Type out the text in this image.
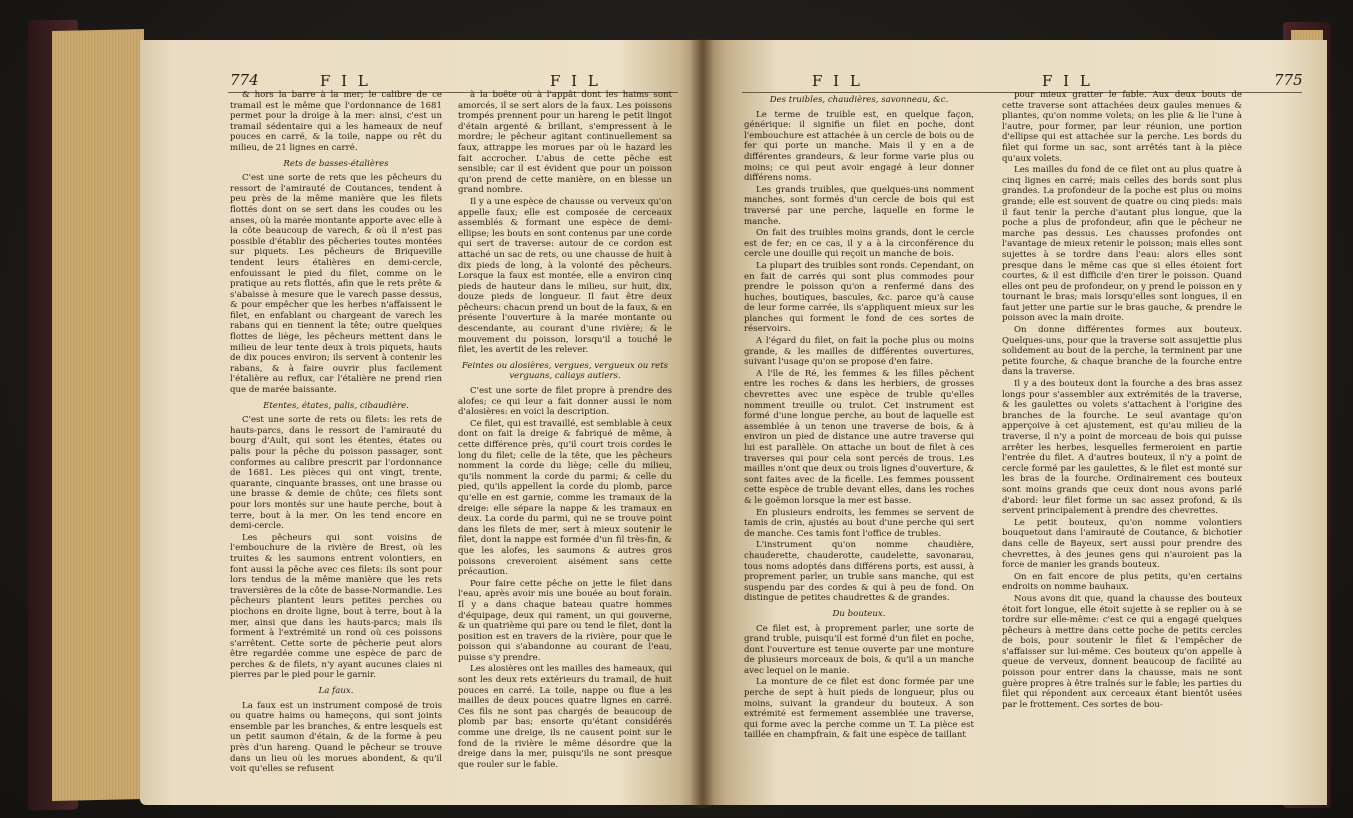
774	F I L	F I L

& hors la barre à la mer; le calibre de ce tramail est le même que l'ordonnance de 1681 permet pour la droige à la mer: ainsi, c'est un tramail sédentaire qui a les hameaux de neuf pouces en carré, & la toile, nappe ou rêt du milieu, de 21 lignes en carré.

Rets de basses-étalières

C'est une sorte de rets que les pêcheurs du ressort de l'amirauté de Coutances, tendent à peu près de la même manière que les filets flottés dont on se sert dans les coudes ou les anses, où la marée montante apporte avec elle à la côte beaucoup de varech, & où il n'est pas possible d'établir des pêcheries toutes montées sur piquets. Les pêcheurs de Briqueville tendent leurs étalières en demi-cercle, enfouissant le pied du filet, comme on le pratique au rets flottés, afin que le rets prête & s'abaisse à mesure que le varech passe dessus, & pour empêcher que les herbes n'affaissent le filet, en enfablant ou chargeant de varech les rabans qui en tiennent la tête; outre quelques flottes de liège, les pêcheurs mettent dans le milieu de leur tente deux à trois piquets, hauts de dix pouces environ; ils servent à contenir les rabans, & à faire ouvrir plus facilement l'étalière au reflux, car l'étalière ne prend rien que de marée baissante.

Etentes, étates, palis, cibaudière.

C'est une sorte de rets ou filets: les rets de hauts-parcs, dans le ressort de l'amirauté du bourg d'Ault, qui sont les étentes, étates ou palis pour la pêche du poisson passager, sont conformes au calibre prescrit par l'ordonnance de 1681. Les pièces qui ont vingt, trente, quarante, cinquante brasses, ont une brasse ou une brasse & demie de chûte; ces filets sont pour lors montés sur une haute perche, bout à terre, bout à la mer. On les tend encore en demi-cercle.

Les pêcheurs qui sont voisins de l'embouchure de la rivière de Brest, où les truites & les saumons entrent volontiers, en font aussi la pêche avec ces filets: ils sont pour lors tendus de la même manière que les rets traversières de la côte de basse-Normandie. Les pêcheurs plantent leurs petites perches ou piochons en droite ligne, bout à terre, bout à la mer, ainsi que dans les hauts-parcs; mais ils forment à l'extrémité un rond où ces poissons s'arrêtent. Cette sorte de pêcherie peut alors être regardée comme une espèce de parc de perches & de filets, n'y ayant aucunes claies ni pierres par le pied pour le garnir.

La faux.

La faux est un instrument composé de trois ou quatre haims ou hameçons, qui sont joints ensemble par les branches, & entre lesquels est un petit saumon d'étain, & de la forme à peu près d'un hareng. Quand le pêcheur se trouve dans un lieu où les morues abondent, & qu'il voit qu'elles se refusent

à la boëte où à l'appât dont les haims sont amorcés, il se sert alors de la faux. Les poissons trompés prennent pour un hareng le petit lingot d'étain argenté & brillant, s'empressent à le mordre; le pêcheur agitant continuellement sa faux, attrappe les morues par où le hazard les fait accrocher. L'abus de cette pêche est sensible; car il est évident que pour un poisson qu'on prend de cette manière, on en blesse un grand nombre.

Il y a une espèce de chausse ou verveux qu'on appelle faux; elle est composée de cerceaux assemblés & formant une espèce de demi-ellipse; les bouts en sont contenus par une corde qui sert de traverse: autour de ce cordon est attaché un sac de rets, ou une chausse de huit à dix pieds de long, à la volonté des pêcheurs. Lorsque la faux est montée, elle a environ cinq pieds de hauteur dans le milieu, sur huit, dix, douze pieds de longueur. Il faut être deux pêcheurs: chacun prend un bout de la faux, & en présente l'ouverture à la marée montante ou descendante, au courant d'une rivière; & le mouvement du poisson, lorsqu'il a touché le filet, les avertit de les relever.

Feintes ou alosières, vergues, vergueux ou rets verguans, caliays autiers.

C'est une sorte de filet propre à prendre des alofes; ce qui leur a fait donner aussi le nom d'alosières: en voici la description.

Ce filet, qui est travaillé, est semblable à ceux dont on fait la dreige & fabriqué de même, à cette différence près, qu'il court trois cordes le long du filet; celle de la tête, que les pêcheurs nomment la corde du liège; celle du milieu, qu'ils nomment la corde du parmi; & celle du pied, qu'ils appellent la corde du plomb, parce qu'elle en est garnie, comme les tramaux de la dreige: elle sépare la nappe & les tramaux en deux. La corde du parmi, qui ne se trouve point dans les filets de mer, sert à mieux soutenir le filet, dont la nappe est formée d'un fil très-fin, & que les alofes, les saumons & autres gros poissons creveroient aisément sans cette précaution.

Pour faire cette pêche on jette le filet dans l'eau, après avoir mis une bouée au bout forain. Il y a dans chaque bateau quatre hommes d'équipage, deux qui rament, un qui gouverne, & un quatrième qui pare ou tend le filet, dont la position est en travers de la rivière, pour que le poisson qui s'abandonne au courant de l'eau, puisse s'y prendre.

Les alosières ont les mailles des hameaux, qui sont les deux rets extérieurs du tramail, de huit pouces en carré. La toile, nappe ou flue a les mailles de deux pouces quatre lignes en carré. Ces fils ne sont pas chargés de beaucoup de plomb par bas; ensorte qu'étant considérés comme une dreige, ils ne causent point sur le fond de la rivière le même désordre que la dreige dans la mer, puisqu'ils ne sont presque que rouler sur le fable.

F I L	F I L	775

Des truibles, chaudières, savonneau, &c.

Le terme de truible est, en quelque façon, générique: il signifie un filet en poche, dont l'embouchure est attachée à un cercle de bois ou de fer qui porte un manche. Mais il y en a de différentes grandeurs, & leur forme varie plus ou moins; ce qui peut avoir engagé à leur donner différens noms.

Les grands truibles, que quelques-uns nomment manches, sont formés d'un cercle de bois qui est traversé par une perche, laquelle en forme le manche.

On fait des truibles moins grands, dont le cercle est de fer; en ce cas, il y a à la circonférence du cercle une douille qui reçoit un manche de bois.

La plupart des truibles sont ronds. Cependant, on en fait de carrés qui sont plus commodes pour prendre le poisson qu'on a renfermé dans des huches, boutiques, bascules, &c. parce qu'à cause de leur forme carrée, ils s'appliquent mieux sur les planches qui forment le fond de ces sortes de réservoirs.

A l'égard du filet, on fait la poche plus ou moins grande, & les mailles de différentes ouvertures, suivant l'usage qu'on se propose d'en faire.

A l'île de Ré, les femmes & les filles pêchent entre les roches & dans les herbiers, de grosses chevrettes avec une espèce de truble qu'elles nomment treuille ou trulot. Cet instrument est formé d'une longue perche, au bout de laquelle est assemblée à un tenon une traverse de bois, & à environ un pied de distance une autre traverse qui lui est parallèle. On attache un bout de filet à ces traverses qui pour cela sont percés de trous. Les mailles n'ont que deux ou trois lignes d'ouverture, & sont faites avec de la ficelle. Les femmes poussent cette espèce de truble devant elles, dans les roches & le goëmon lorsque la mer est basse.

En plusieurs endroits, les femmes se servent de tamis de crin, ajustés au bout d'une perche qui sert de manche. Ces tamis font l'office de trubles.

L'instrument qu'on nomme chaudière, chauderette, chauderotte, caudelette, savonarau, tous noms adoptés dans différens ports, est aussi, à proprement parler, un truble sans manche, qui est suspendu par des cordes & qui à peu de fond. On distingue de petites chaudrettes & de grandes.

Du bouteux.

Ce filet est, à proprement parler, une sorte de grand truble, puisqu'il est formé d'un filet en poche, dont l'ouverture est tenue ouverte par une monture de plusieurs morceaux de bois, & qu'il a un manche avec lequel on le manie.

La monture de ce filet est donc formée par une perche de sept à huit pieds de longueur, plus ou moins, suivant la grandeur du bouteux. A son extrémité est fermement assemblée une traverse, qui forme avec la perche comme un T. La pièce est taillée en champfrain, & fait une espèce de taillant

pour mieux gratter le fable. Aux deux bouts de cette traverse sont attachées deux gaules menues & pliantes, qu'on nomme volets; on les plie & lie l'une à l'autre, pour former, par leur réunion, une portion d'ellipse qui est attachée sur la perche. Les bords du filet qui forme un sac, sont arrêtés tant à la pièce qu'aux volets.

Les mailles du fond de ce filet ont au plus quatre à cinq lignes en carré; mais celles des bords sont plus grandes. La profondeur de la poche est plus ou moins grande; elle est souvent de quatre ou cinq pieds: mais il faut tenir la perche d'autant plus longue, que la poche a plus de profondeur, afin que le pêcheur ne marche pas dessus. Les chausses profondes ont l'avantage de mieux retenir le poisson; mais elles sont sujettes à se tordre dans l'eau: alors elles sont presque dans le même cas que si elles étoient fort courtes, & il est difficile d'en tirer le poisson. Quand elles ont peu de profondeur, on y prend le poisson en y tournant le bras; mais lorsqu'elles sont longues, il en faut jetter une partie sur le bras gauche, & prendre le poisson avec la main droite.

On donne différentes formes aux bouteux. Quelques-uns, pour que la traverse soit assujettie plus solidement au bout de la perche, la terminent par une petite fourche, & chaque branche de la fourche entre dans la traverse.

Il y a des bouteux dont la fourche a des bras assez longs pour s'assembler aux extrémités de la traverse, & les gaulettes ou volets s'attachent à l'origine des branches de la fourche. Le seul avantage qu'on apperçoive à cet ajustement, est qu'au milieu de la traverse, il n'y a point de morceau de bois qui puisse arrêter les herbes, lesquelles fermeroient en partie l'entrée du filet. A d'autres bouteux, il n'y a point de cercle formé par les gaulettes, & le filet est monté sur les bras de la fourche. Ordinairement ces bouteux sont moins grands que ceux dont nous avons parlé d'abord: leur filet forme un sac assez profond, & ils servent principalement à prendre des chevrettes.

Le petit bouteux, qu'on nomme volontiers bouquetout dans l'amirauté de Coutance, & bichotier dans celle de Bayeux, sert aussi pour prendre des chevrettes, à des jeunes gens qui n'auroient pas la force de manier les grands bouteux.

On en fait encore de plus petits, qu'en certains endroits on nomme bauhaux.

Nous avons dit que, quand la chausse des bouteux étoit fort longue, elle étoit sujette à se replier ou à se tordre sur elle-même: c'est ce qui a engagé quelques pêcheurs à mettre dans cette poche de petits cercles de bois, pour soutenir le filet & l'empêcher de s'affaisser sur lui-même. Ces bouteux qu'on appelle à queue de verveux, donnent beaucoup de facilité au poisson pour entrer dans la chausse, mais ne sont guère propres à être traînés sur le fable; les parties du filet qui répondent aux cerceaux étant bientôt usées par le frottement. Ces sortes de bou-
